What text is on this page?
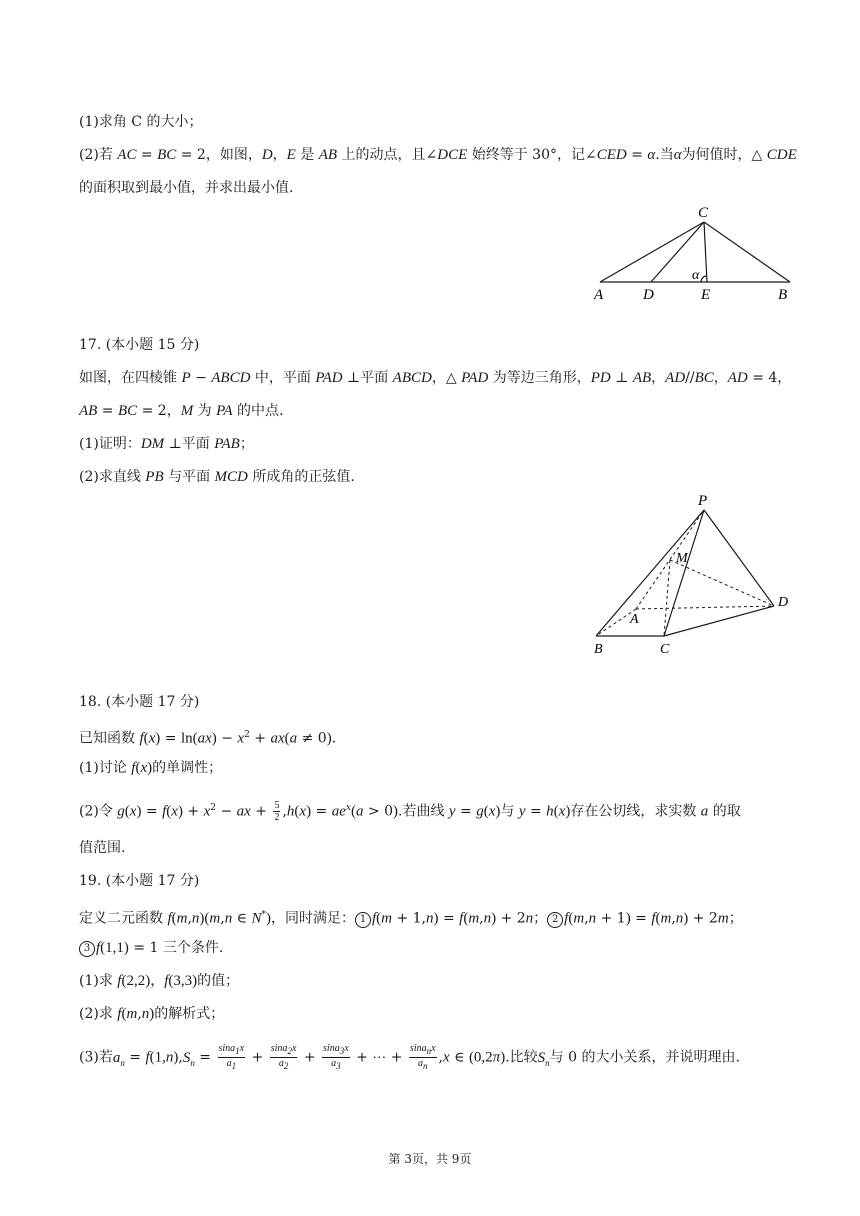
(1)求角 C 的大小；
(2)若 AC = BC = 2，如图，D，E 是 AB 上的动点，且∠DCE 始终等于 30°，记∠CED = α.当α为何值时，△ CDE
的面积取到最小值，并求出最小值.
C
A	D	E	B
α
17. (本小题 15 分)
如图，在四棱锥 P − ABCD 中，平面 PAD ⊥平面 ABCD，△ PAD 为等边三角形，PD ⊥ AB，AD//BC，AD = 4，
AB = BC = 2，M 为 PA 的中点.
(1)证明：DM ⊥平面 PAB；
(2)求直线 PB 与平面 MCD 所成角的正弦值.
P
M
D
A
B	C
18. (本小题 17 分)
已知函数 $f(x) = \ln(ax) - x^2 + ax(a \ne 0)$.
(1)讨论 f(x)的单调性；
(2)令 $g(x) = f(x) + x^2$ − ax + $\frac{5}{2} ,h(x) = ae^x(a > 0)$.若曲线 y = g(x)与 y = h(x)存在公切线，求实数 a 的取
值范围.
19. (本小题 17 分)
定义二元函数 f(m,n)(m,n ∈ N*)，同时满足： 1 f(m + 1,n) = f(m,n) + 2n； 2 f(m,n + 1) = f(m,n) + 2m；
3 f(1,1) = 1 三个条件.
(1)求 f(2,2)，f(3,3)的值；
(2)求 f(m,n)的解析式；
(3)若$a_n = f(1,n),S_n = \frac{\sin a_1x}{a_1} + \frac{\sin a_2x}{a_2} + \frac{\sin a_3x}{a_3}$ + ⋯ + $\frac{\sin a_nx}{a_n} ,x$ ∈ (0,2π).比较$S_n$与 0 的大小关系，并说明理由.
第 3页，共 9页
